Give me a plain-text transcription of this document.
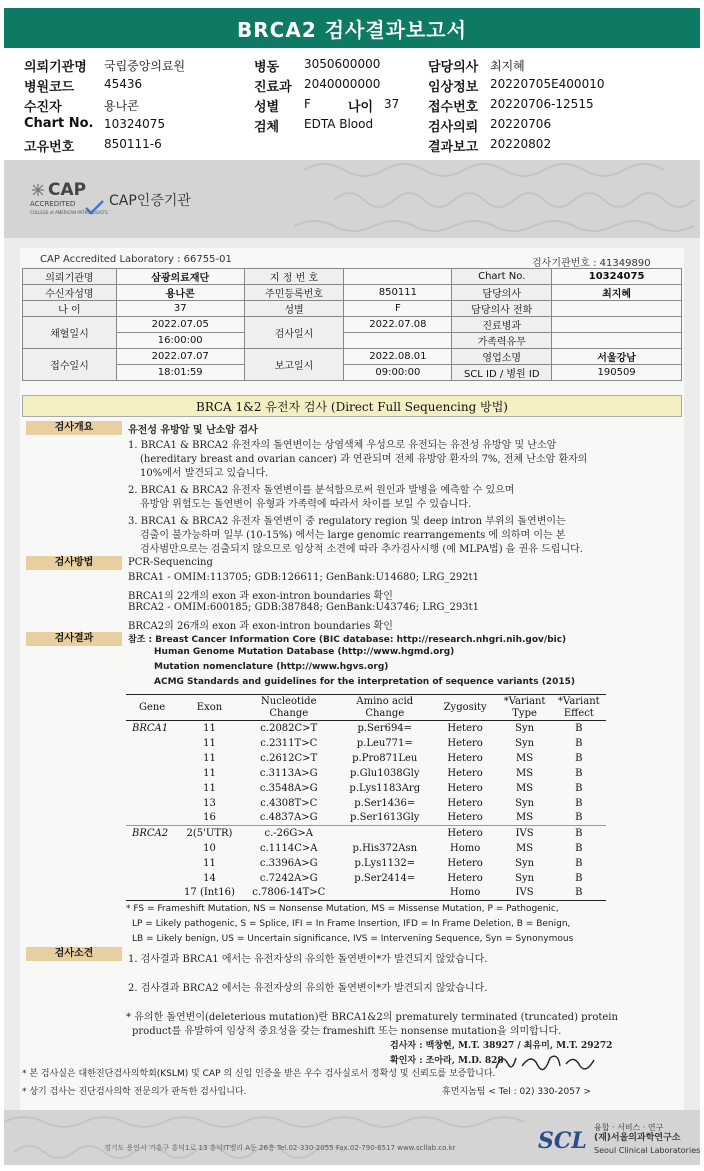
BRCA2 검사결과보고서
의뢰기관명 국립중앙의료원
병원코드 45436
수진자	용나콘
Chart No. 10324075
고유번호 850111-6
병동 3050600000
진료과 2040000000
성별 F	나이 37
검체 EDTA Blood
담당의사 최지혜
임상정보 20220705E400010
접수번호 20220706-12515
검사의뢰 20220706
결과보고 20220802
CAP
ACCREDITED
COLLEGE of AMERICAN PATHOLOGISTS
CAP인증기관
CAP Accredited Laboratory : 66755-01	검사기관번호 : 41349890
의뢰기관명	삼광의료재단	지 정 번 호		Chart No.	10324075
수신자성명	용나콘	주민등록번호	850111	담당의사	최지혜
나 이	37	성별	F	담당의사 전화	
채혈일시	2022.07.05	검사일시	2022.07.08	진료병과	
	16:00:00			가족력유무	
접수일시	2022.07.07	보고일시	2022.08.01	영업소명	서울강남
	18:01:59		09:00:00	SCL ID / 병원 ID	190509
BRCA 1&2 유전자 검사 (Direct Full Sequencing 방법)
검사개요	유전성 유방암 및 난소암 검사
1. BRCA1 & BRCA2 유전자의 돌연변이는 상염색체 우성으로 유전되는 유전성 유방암 및 난소암
(hereditary breast and ovarian cancer) 과 연관되며 전체 유방암 환자의 7%, 전체 난소암 환자의
10%에서 발견되고 있습니다.
2. BRCA1 & BRCA2 유전자 돌연변이를 분석함으로써 원인과 발병을 예측할 수 있으며
유방암 위험도는 돌연변이 유형과 가족력에 따라서 차이를 보일 수 있습니다.
3. BRCA1 & BRCA2 유전자 돌연변이 중 regulatory region 및 deep intron 부위의 돌연변이는
검출이 불가능하며 일부 (10-15%) 에서는 large genomic rearrangements 에 의하며 이는 본
검사범만으로는 검출되지 않으므로 임상적 소견에 따라 추가검사시행 (예 MLPA법) 을 권유 드립니다.
검사방법	PCR-Sequencing
BRCA1 - OMIM:113705; GDB:126611; GenBank:U14680; LRG_292t1
BRCA1의 22개의 exon 과 exon-intron boundaries 확인
BRCA2 - OMIM:600185; GDB:387848; GenBank:U43746; LRG_293t1
BRCA2의 26개의 exon 과 exon-intron boundaries 확인
검사결과	참조 : Breast Cancer Information Core (BIC database: http://research.nhgri.nih.gov/bic)
Human Genome Mutation Database (http://www.hgmd.org)
Mutation nomenclature (http://www.hgvs.org)
ACMG Standards and guidelines for the interpretation of sequence variants (2015)
Gene	Exon	Nucleotide Change	Amino acid Change	Zygosity	*Variant Type	*Variant Effect
BRCA1	11	c.2082C>T	p.Ser694=	Hetero	Syn	B
	11	c.2311T>C	p.Leu771=	Hetero	Syn	B
	11	c.2612C>T	p.Pro871Leu	Hetero	MS	B
	11	c.3113A>G	p.Glu1038Gly	Hetero	MS	B
	11	c.3548A>G	p.Lys1183Arg	Hetero	MS	B
	13	c.4308T>C	p.Ser1436=	Hetero	Syn	B
	16	c.4837A>G	p.Ser1613Gly	Hetero	MS	B
BRCA2	2(5'UTR)	c.-26G>A		Hetero	IVS	B
	10	c.1114C>A	p.His372Asn	Homo	MS	B
	11	c.3396A>G	p.Lys1132=	Hetero	Syn	B
	14	c.7242A>G	p.Ser2414=	Hetero	Syn	B
	17 (Int16)	c.7806-14T>C		Homo	IVS	B
* FS = Frameshift Mutation, NS = Nonsense Mutation, MS = Missense Mutation, P = Pathogenic,
LP = Likely pathogenic, S = Splice, IFI = In Frame Insertion, IFD = In Frame Deletion, B = Benign,
LB = Likely benign, US = Uncertain significance, IVS = Intervening Sequence, Syn = Synonymous
검사소견
1. 검사결과 BRCA1 에서는 유전자상의 유의한 돌연변이*가 발견되지 않았습니다.
2. 검사결과 BRCA2 에서는 유전자상의 유의한 돌연변이*가 발견되지 않았습니다.
* 유의한 돌연변이(deleterious mutation)란 BRCA1&2의 prematurely terminated (truncated) protein
product를 유발하여 임상적 중요성을 갖는 frameshift 또는 nonsense mutation을 의미합니다.
검사자 : 백창현, M.T. 38927 / 최유미, M.T. 29272
확인자 : 조아라, M.D. 828
* 본 검사실은 대한진단검사의학회(KSLM) 및 CAP 의 신임 인증을 받은 우수 검사실로서 정확성 및 신뢰도를 보증합니다.
* 상기 검사는 진단검사의학 전문의가 판독한 검사입니다.	휴먼지놈팀 < Tel : 02) 330-2057 >
경기도 용인시 기흥구 흥덕1로 13 흥덕IT밸리 A동 26층 Tel.02-330-2055 Fax.02-790-6517 www.scllab.co.kr	SCL
융합 · 서비스 · 연구
(재)서울의과학연구소
Seoul Clinical Laboratories
